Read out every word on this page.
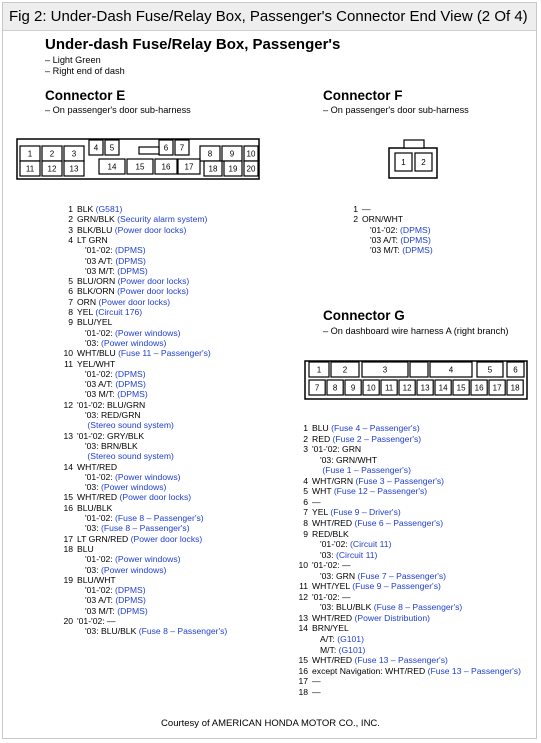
Fig 2: Under-Dash Fuse/Relay Box, Passenger's Connector End View (2 Of 4)
Under-dash Fuse/Relay Box, Passenger's
– Light Green
– Right end of dash
Connector E
– On passenger's door sub-harness
1 2 3
4 5	6 7
8 9 10
11 12 13	14 15 16 17 18 19 20
1 BLK (G581)
2 GRN/BLK (Security alarm system)
3 BLK/BLU (Power door locks)
4 LT GRN
'01-'02: (DPMS)
'03 A/T: (DPMS)
'03 M/T: (DPMS)
5 BLU/ORN (Power door locks)
6 BLK/ORN (Power door locks)
7 ORN (Power door locks)
8 YEL (Circuit 176)
9 BLU/YEL
'01-'02: (Power windows)
'03: (Power windows)
10 WHT/BLU (Fuse 11 – Passenger's)
11 YEL/WHT
'01-'02: (DPMS)
'03 A/T: (DPMS)
'03 M/T: (DPMS)
12 '01-'02: BLU/GRN
'03: RED/GRN
(Stereo sound system)
13 '01-'02: GRY/BLK
'03: BRN/BLK
(Stereo sound system)
14 WHT/RED
'01-'02: (Power windows)
'03: (Power windows)
15 WHT/RED (Power door locks)
16 BLU/BLK
'01-'02: (Fuse 8 – Passenger's)
'03: (Fuse 8 – Passenger's)
17 LT GRN/RED (Power door locks)
18 BLU
'01-'02: (Power windows)
'03: (Power windows)
19 BLU/WHT
'01-'02: (DPMS)
'03 A/T: (DPMS)
'03 M/T: (DPMS)
20 '01-'02: —
'03: BLU/BLK (Fuse 8 – Passenger's)
Connector F
– On passenger's door sub-harness
1 2
1 —
2 ORN/WHT
'01-'02: (DPMS)
'03 A/T: (DPMS)
'03 M/T: (DPMS)
Connector G
– On dashboard wire harness A (right branch)
1	2	3	4	5	6
7 8 9 10 11 12 13 14 15 16 17 18
1 BLU (Fuse 4 – Passenger's)
2 RED (Fuse 2 – Passenger's)
3 '01-'02: GRN
'03: GRN/WHT
(Fuse 1 – Passenger's)
4 WHT/GRN (Fuse 3 – Passenger's)
5 WHT (Fuse 12 – Passenger's)
6 —
7 YEL (Fuse 9 – Driver's)
8 WHT/RED (Fuse 6 – Passenger's)
9 RED/BLK
'01-'02: (Circuit 11)
'03: (Circuit 11)
10 '01-'02: —
'03: GRN (Fuse 7 – Passenger's)
11 WHT/YEL (Fuse 9 – Passenger's)
12 '01-'02: —
'03: BLU/BLK (Fuse 8 – Passenger's)
13 WHT/RED (Power Distribution)
14 BRN/YEL
A/T: (G101)
M/T: (G101)
15 WHT/RED (Fuse 13 – Passenger's)
16 except Navigation: WHT/RED (Fuse 13 – Passenger's)
17 —
18 —
Courtesy of AMERICAN HONDA MOTOR CO., INC.
